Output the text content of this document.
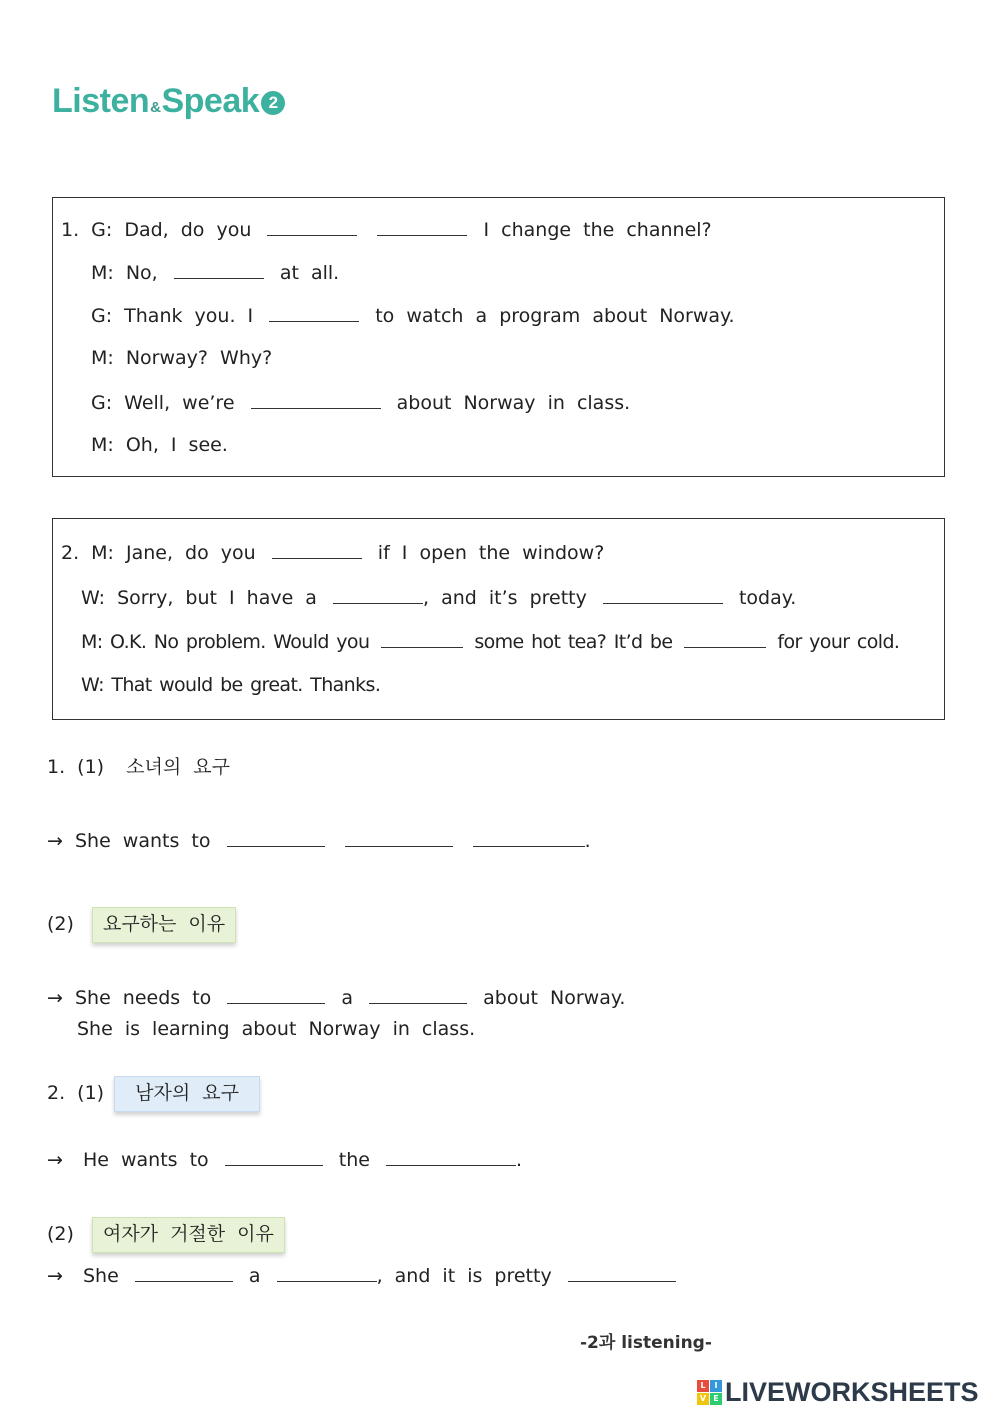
Listen & Speak 2
1. G: Dad, do you	I change the channel?
M: No,	at all.
G: Thank you. I	to watch a program about Norway.
M: Norway? Why?
G: Well, we’re	about Norway in class.
M: Oh, I see.
2. M: Jane, do you	if I open the window?
W: Sorry, but I have a	, and it’s pretty	today.
M: O.K. No problem. Would you	some hot tea? It’d be	for your cold.
W: That would be great. Thanks.
1. (1) 소녀의 요구
→ She wants to	.
(2) 요구하는 이유
→ She needs to	a	about Norway.
She is learning about Norway in class.
2. (1) 남자의 요구
→ He wants to	the	.
(2) 여자가 거절한 이유
→ She	a	, and it is pretty
-2과 listening-
L	I
V E LIVEWORKSHEETS
